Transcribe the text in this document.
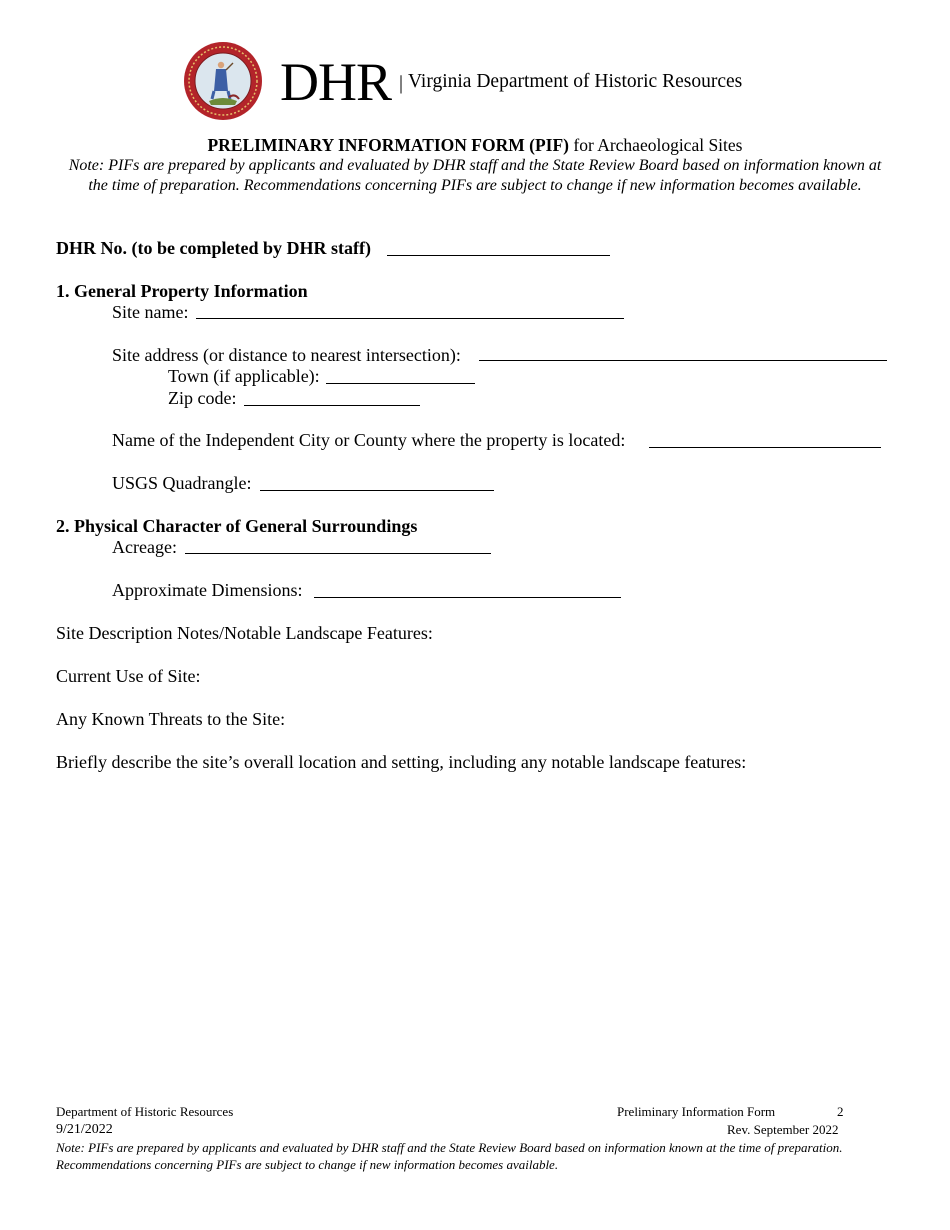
DHR | Virginia Department of Historic Resources
PRELIMINARY INFORMATION FORM (PIF) for Archaeological Sites
Note: PIFs are prepared by applicants and evaluated by DHR staff and the State Review Board based on information known at the time of preparation. Recommendations concerning PIFs are subject to change if new information becomes available.
DHR No. (to be completed by DHR staff)
1. General Property Information
Site name:
Site address (or distance to nearest intersection):
Town (if applicable):
Zip code:
Name of the Independent City or County where the property is located:
USGS Quadrangle:
2. Physical Character of General Surroundings
Acreage:
Approximate Dimensions:
Site Description Notes/Notable Landscape Features:
Current Use of Site:
Any Known Threats to the Site:
Briefly describe the site’s overall location and setting, including any notable landscape features:
Department of Historic Resources	Preliminary Information Form	2
9/21/2022	Rev. September 2022
Note: PIFs are prepared by applicants and evaluated by DHR staff and the State Review Board based on information known at the time of preparation.
Recommendations concerning PIFs are subject to change if new information becomes available.
